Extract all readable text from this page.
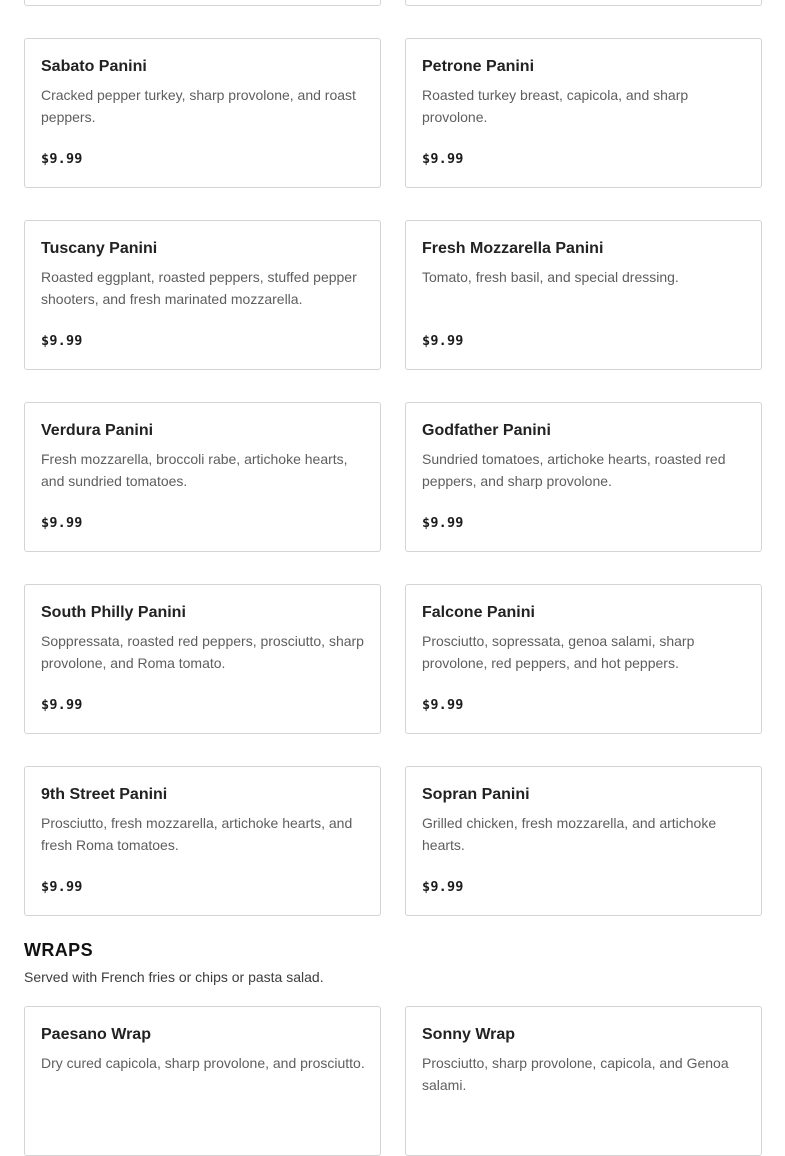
Sabato Panini
Cracked pepper turkey, sharp provolone, and roast peppers.
$9.99
Petrone Panini
Roasted turkey breast, capicola, and sharp provolone.
$9.99
Tuscany Panini
Roasted eggplant, roasted peppers, stuffed pepper shooters, and fresh marinated mozzarella.
$9.99
Fresh Mozzarella Panini
Tomato, fresh basil, and special dressing.
$9.99
Verdura Panini
Fresh mozzarella, broccoli rabe, artichoke hearts, and sundried tomatoes.
$9.99
Godfather Panini
Sundried tomatoes, artichoke hearts, roasted red peppers, and sharp provolone.
$9.99
South Philly Panini
Soppressata, roasted red peppers, prosciutto, sharp provolone, and Roma tomato.
$9.99
Falcone Panini
Prosciutto, sopressata, genoa salami, sharp provolone, red peppers, and hot peppers.
$9.99
9th Street Panini
Prosciutto, fresh mozzarella, artichoke hearts, and fresh Roma tomatoes.
$9.99
Sopran Panini
Grilled chicken, fresh mozzarella, and artichoke hearts.
$9.99
WRAPS
Served with French fries or chips or pasta salad.
Paesano Wrap
Dry cured capicola, sharp provolone, and prosciutto.
Sonny Wrap
Prosciutto, sharp provolone, capicola, and Genoa salami.
